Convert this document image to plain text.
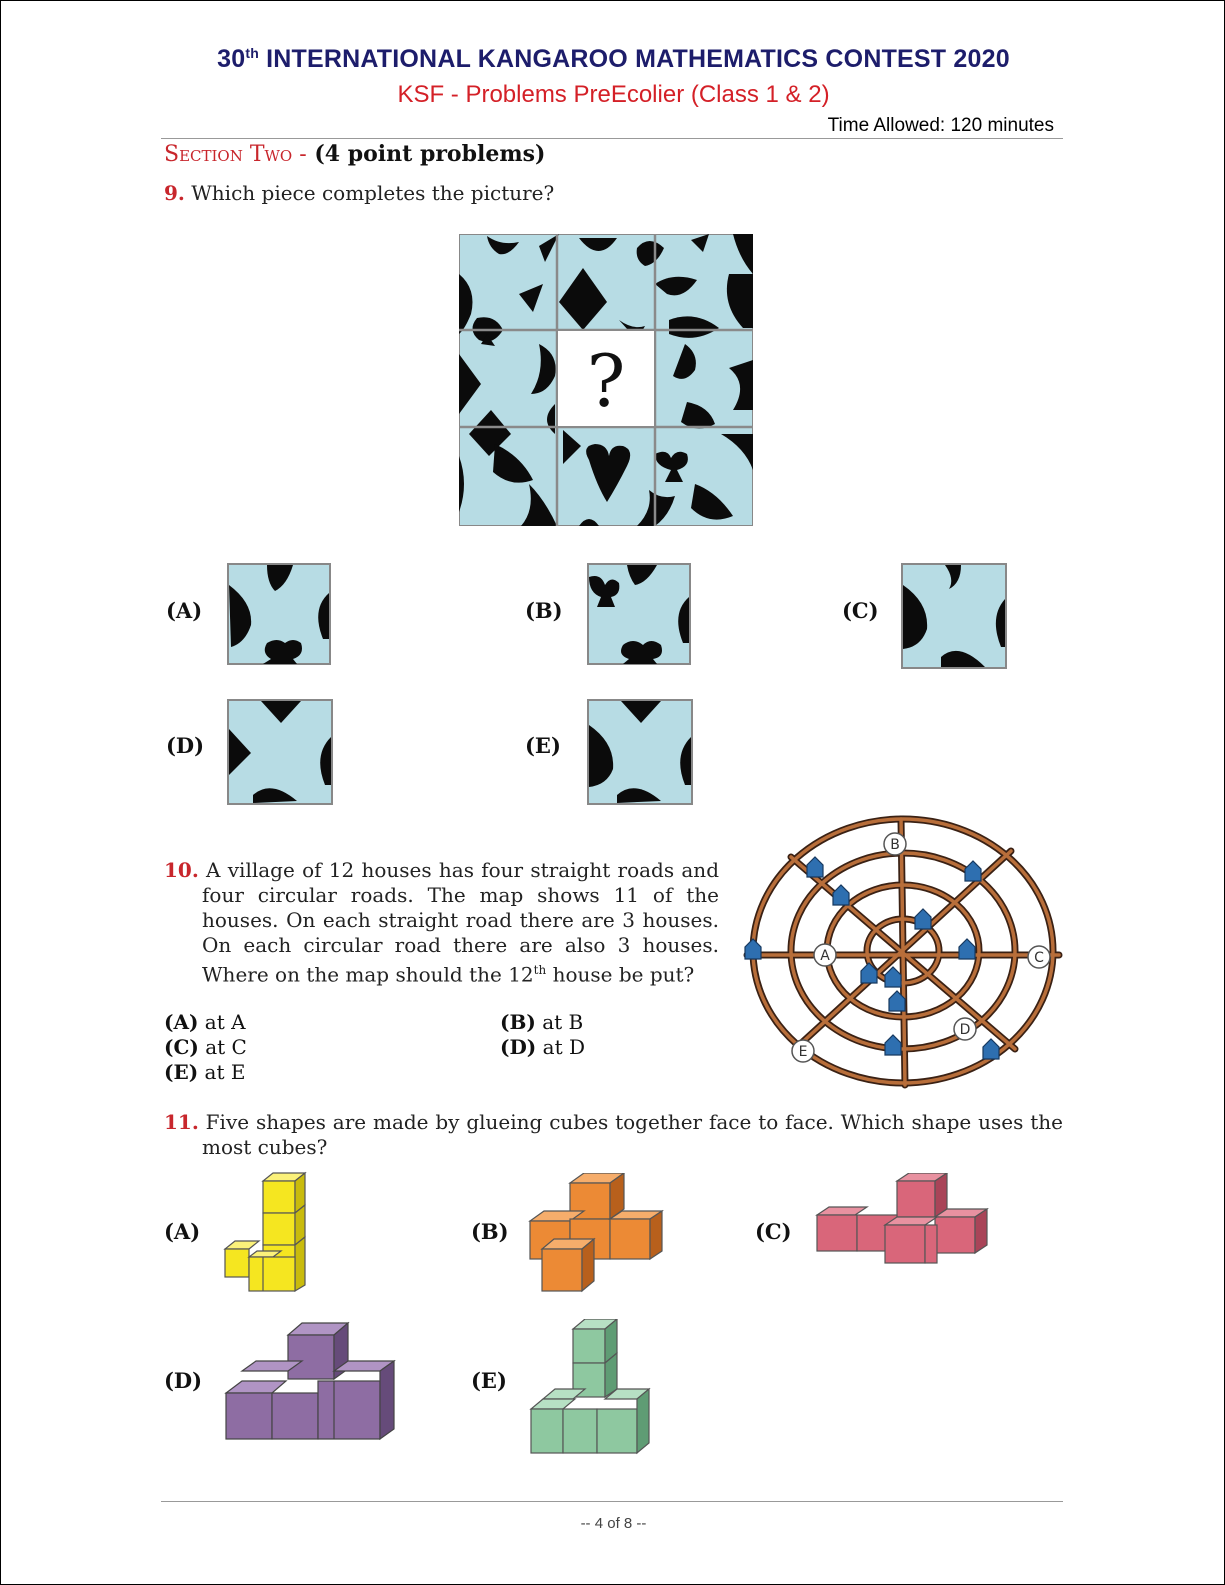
30th INTERNATIONAL KANGAROO MATHEMATICS CONTEST 2020
KSF - Problems PreEcolier (Class 1 & 2)
Time Allowed: 120 minutes
Section Two - (4 point problems)
9. Which piece completes the picture?
?
(A)	(B)	(C)
(D)	(E)
10. A village of 12 houses has four straight roads and four circular roads. The map shows 11 of the houses. On each straight road there are 3 houses. On each circular road there are also 3 houses. Where on the map should the 12th house be put?
(A) at A	(B) at B
(C) at C	(D) at D
(E) at E
A
B
C
D
E
11. Five shapes are made by glueing cubes together face to face. Which shape uses the most cubes?
(A)	(B)	(C)
(D)	(E)
-- 4 of 8 --
